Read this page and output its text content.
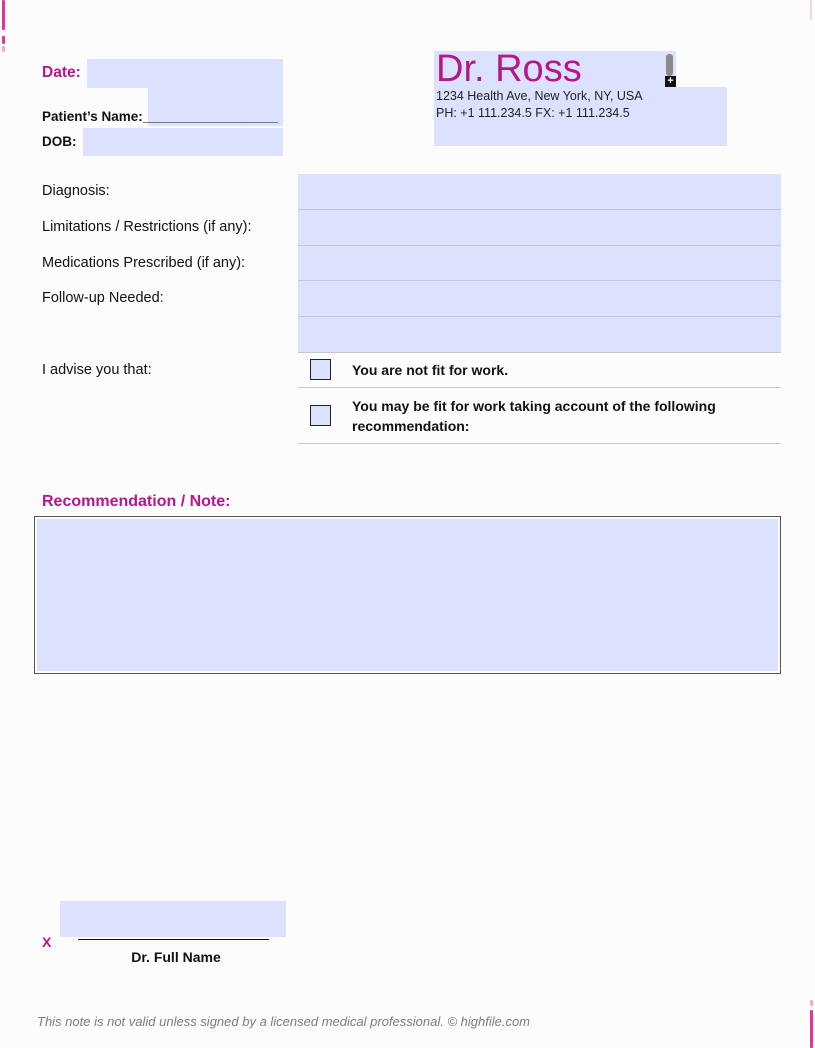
Date:
Patient’s Name:__________________
DOB:
Dr. Ross
1234 Health Ave, New York, NY, USA
PH: +1 111.234.5 FX: +1 111.234.5
+
Diagnosis:
Limitations / Restrictions (if any):
Medications Prescribed (if any):
Follow-up Needed:
I advise you that:	You are not fit for work.
You may be fit for work taking account of the following
recommendation:
Recommendation / Note:
X
Dr. Full Name
This note is not valid unless signed by a licensed medical professional. © highfile.com
